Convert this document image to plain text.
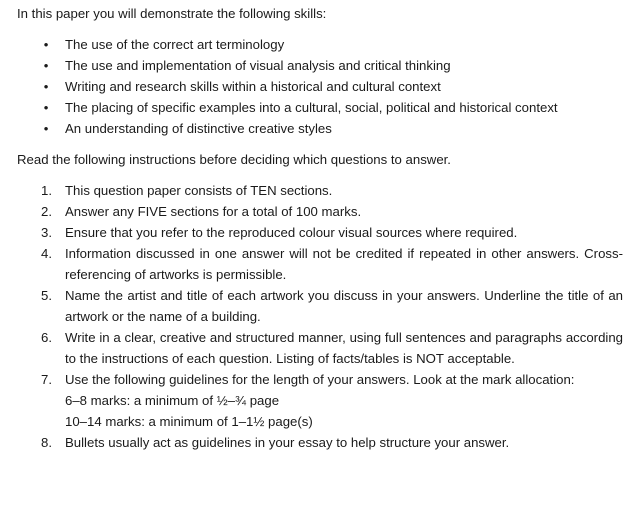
In this paper you will demonstrate the following skills:
• The use of the correct art terminology
• The use and implementation of visual analysis and critical thinking
• Writing and research skills within a historical and cultural context
• The placing of specific examples into a cultural, social, political and historical context
• An understanding of distinctive creative styles
Read the following instructions before deciding which questions to answer.
1. This question paper consists of TEN sections.
2. Answer any FIVE sections for a total of 100 marks.
3. Ensure that you refer to the reproduced colour visual sources where required.
4. Information discussed in one answer will not be credited if repeated in other answers. Cross-referencing of artworks is permissible.
5. Name the artist and title of each artwork you discuss in your answers. Underline the title of an artwork or the name of a building.
6. Write in a clear, creative and structured manner, using full sentences and paragraphs according to the instructions of each question. Listing of facts/tables is NOT acceptable.
7. Use the following guidelines for the length of your answers. Look at the mark allocation:
6–8 marks: a minimum of ½–¾ page
10–14 marks: a minimum of 1–1½ page(s)
8. Bullets usually act as guidelines in your essay to help structure your answer.
